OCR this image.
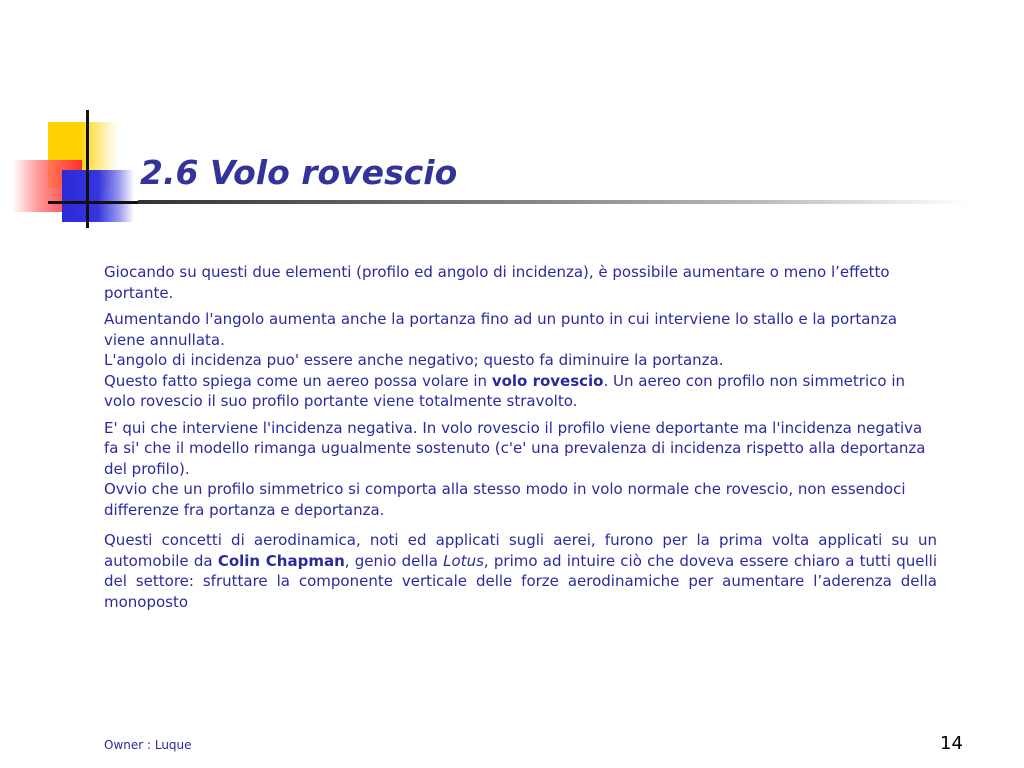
2.6 Volo rovescio

Giocando su questi due elementi (profilo ed angolo di incidenza), è possibile aumentare o meno l’effetto portante.

Aumentando l'angolo aumenta anche la portanza fino ad un punto in cui interviene lo stallo e la portanza viene annullata.
L'angolo di incidenza puo' essere anche negativo; questo fa diminuire la portanza.
Questo fatto spiega come un aereo possa volare in volo rovescio. Un aereo con profilo non simmetrico in volo rovescio il suo profilo portante viene totalmente stravolto.

E' qui che interviene l'incidenza negativa. In volo rovescio il profilo viene deportante ma l'incidenza negativa fa si' che il modello rimanga ugualmente sostenuto (c'e' una prevalenza di incidenza rispetto alla deportanza del profilo).
Ovvio che un profilo simmetrico si comporta alla stesso modo in volo normale che rovescio, non essendoci differenze fra portanza e deportanza.

Questi concetti di aerodinamica, noti ed applicati sugli aerei, furono per la prima volta applicati su un automobile da Colin Chapman, genio della Lotus, primo ad intuire ciò che doveva essere chiaro a tutti quelli del settore: sfruttare la componente verticale delle forze aerodinamiche per aumentare l’aderenza della monoposto

Owner : Luque	14
